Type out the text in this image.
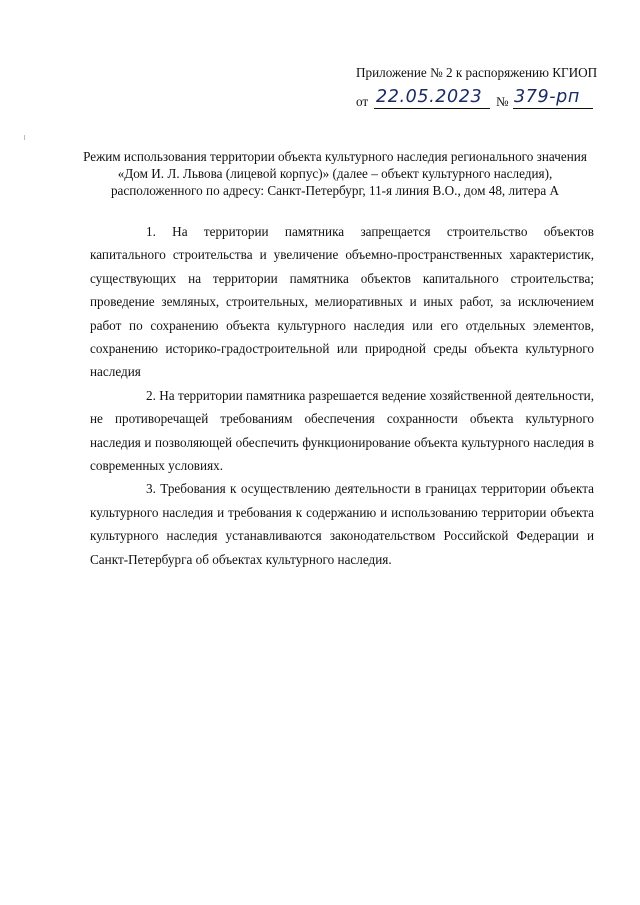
Приложение № 2 к распоряжению КГИОП
от 22.05.2023 № 379-рп
Режим использования территории объекта культурного наследия регионального значения
«Дом И. Л. Львова (лицевой корпус)» (далее – объект культурного наследия),
расположенного по адресу: Санкт-Петербург, 11-я линия В.О., дом 48, литера А

1. На территории памятника запрещается строительство объектов капитального строительства и увеличение объемно-пространственных характеристик, существующих на территории памятника объектов капитального строительства; проведение земляных, строительных, мелиоративных и иных работ, за исключением работ по сохранению объекта культурного наследия или его отдельных элементов, сохранению историко-градостроительной или природной среды объекта культурного наследия

2. На территории памятника разрешается ведение хозяйственной деятельности, не противоречащей требованиям обеспечения сохранности объекта культурного наследия и позволяющей обеспечить функционирование объекта культурного наследия в современных условиях.

3. Требования к осуществлению деятельности в границах территории объекта культурного наследия и требования к содержанию и использованию территории объекта культурного наследия устанавливаются законодательством Российской Федерации и Санкт-Петербурга об объектах культурного наследия.
